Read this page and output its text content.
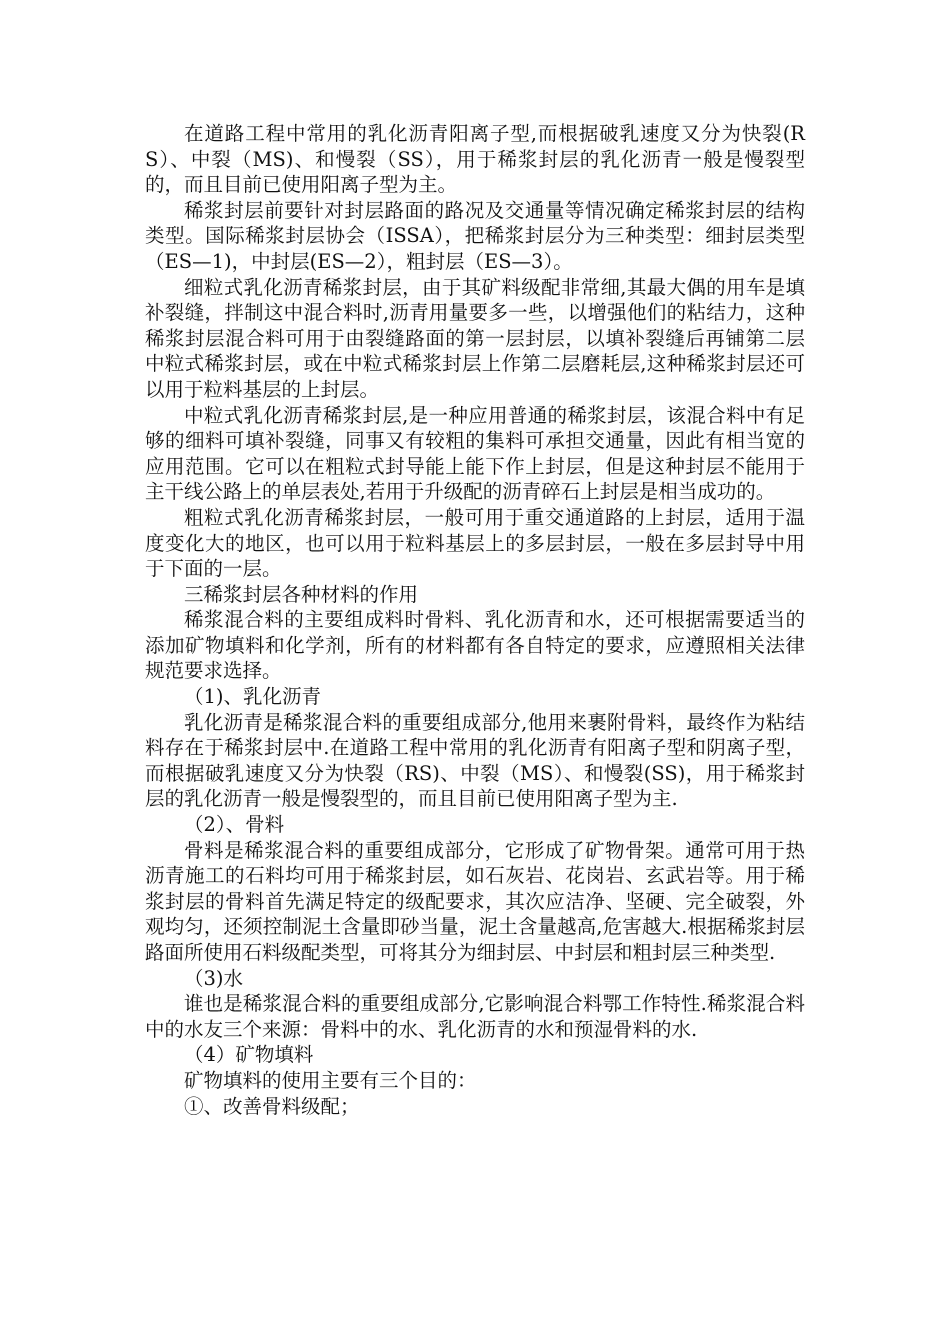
在道路工程中常用的乳化沥青阳离子型,而根据破乳速度又分为快裂(RS）、中裂（MS)、和慢裂（SS），用于稀浆封层的乳化沥青一般是慢裂型的，而且目前已使用阳离子型为主。

稀浆封层前要针对封层路面的路况及交通量等情况确定稀浆封层的结构类型。国际稀浆封层协会（ISSA），把稀浆封层分为三种类型：细封层类型（ES—1)，中封层(ES—2），粗封层（ES—3）。

细粒式乳化沥青稀浆封层，由于其矿料级配非常细,其最大偶的用车是填补裂缝，拌制这中混合料时,沥青用量要多一些，以增强他们的粘结力，这种稀浆封层混合料可用于由裂缝路面的第一层封层，以填补裂缝后再铺第二层中粒式稀浆封层，或在中粒式稀浆封层上作第二层磨耗层,这种稀浆封层还可以用于粒料基层的上封层。

中粒式乳化沥青稀浆封层,是一种应用普通的稀浆封层，该混合料中有足够的细料可填补裂缝，同事又有较粗的集料可承担交通量，因此有相当宽的应用范围。它可以在粗粒式封导能上能下作上封层，但是这种封层不能用于主干线公路上的单层表处,若用于升级配的沥青碎石上封层是相当成功的。

粗粒式乳化沥青稀浆封层，一般可用于重交通道路的上封层，适用于温度变化大的地区，也可以用于粒料基层上的多层封层，一般在多层封导中用于下面的一层。

三稀浆封层各种材料的作用

稀浆混合料的主要组成料时骨料、乳化沥青和水，还可根据需要适当的添加矿物填料和化学剂，所有的材料都有各自特定的要求，应遵照相关法律规范要求选择。

（1)、乳化沥青

乳化沥青是稀浆混合料的重要组成部分,他用来裹附骨料，最终作为粘结料存在于稀浆封层中.在道路工程中常用的乳化沥青有阳离子型和阴离子型，而根据破乳速度又分为快裂（RS)、中裂（MS）、和慢裂(SS)，用于稀浆封层的乳化沥青一般是慢裂型的，而且目前已使用阳离子型为主.

（2）、骨料

骨料是稀浆混合料的重要组成部分，它形成了矿物骨架。通常可用于热沥青施工的石料均可用于稀浆封层，如石灰岩、花岗岩、玄武岩等。用于稀浆封层的骨料首先满足特定的级配要求，其次应洁净、坚硬、完全破裂，外观均匀，还须控制泥土含量即砂当量，泥土含量越高,危害越大.根据稀浆封层路面所使用石料级配类型，可将其分为细封层、中封层和粗封层三种类型.

（3)水

谁也是稀浆混合料的重要组成部分,它影响混合料鄂工作特性.稀浆混合料中的水友三个来源：骨料中的水、乳化沥青的水和预湿骨料的水.

（4）矿物填料

矿物填料的使用主要有三个目的：

①、改善骨料级配；
